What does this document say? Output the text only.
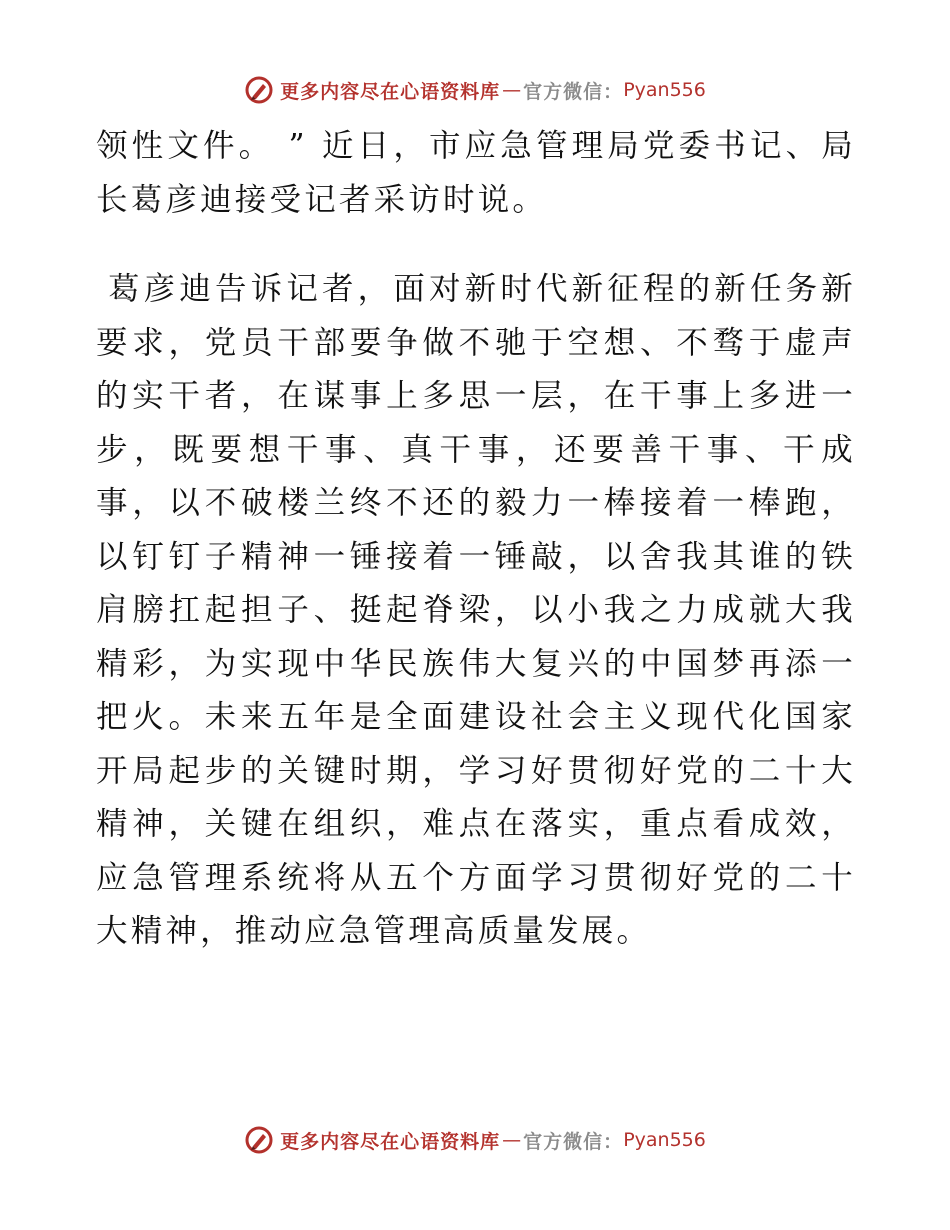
更多内容尽在心语资料库 — 官方微信： Pyan556

领性文件。 ” 近日，市应急管理局党委书记、局长葛彦迪接受记者采访时说。

葛彦迪告诉记者，面对新时代新征程的新任务新要求，党员干部要争做不驰于空想、不骛于虚声的实干者，在谋事上多思一层，在干事上多进一步，既要想干事、真干事，还要善干事、干成事，以不破楼兰终不还的毅力一棒接着一棒跑，以钉钉子精神一锤接着一锤敲，以舍我其谁的铁肩膀扛起担子、挺起脊梁，以小我之力成就大我精彩，为实现中华民族伟大复兴的中国梦再添一把火。未来五年是全面建设社会主义现代化国家开局起步的关键时期，学习好贯彻好党的二十大精神，关键在组织，难点在落实，重点看成效，应急管理系统将从五个方面学习贯彻好党的二十大精神，推动应急管理高质量发展。

更多内容尽在心语资料库 — 官方微信： Pyan556
